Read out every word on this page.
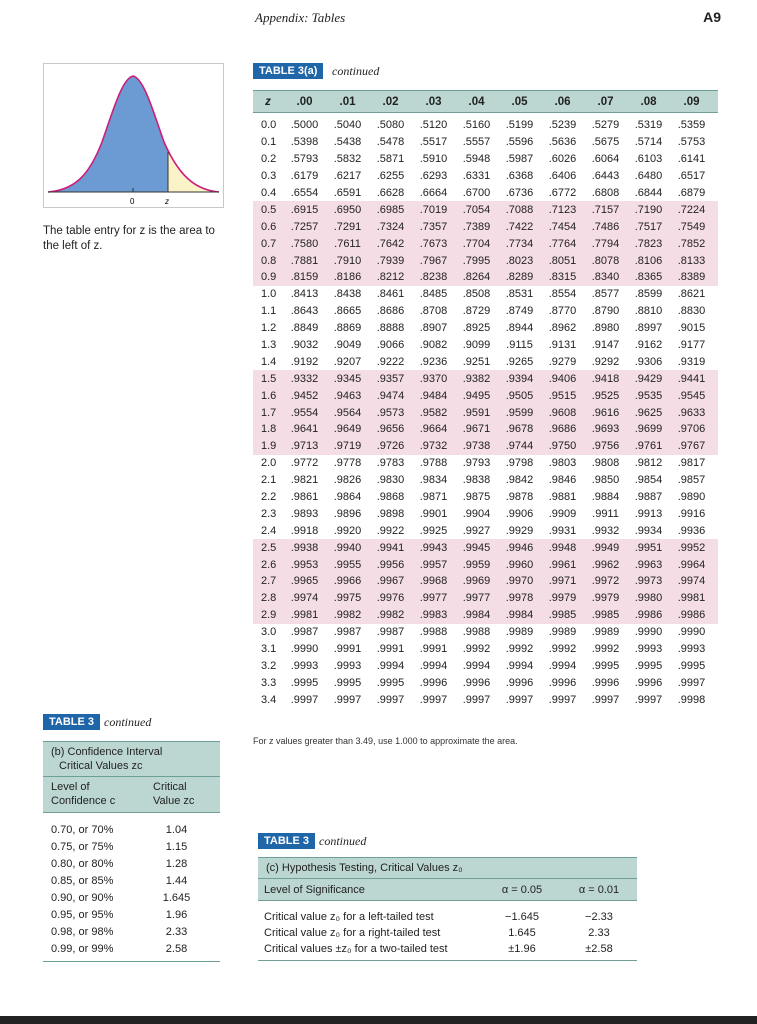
Appendix: Tables	A9
0	z
The table entry for z is the area to the left of z.
TABLE 3(a)	continued
z	.00	.01	.02	.03	.04	.05	.06	.07	.08	.09
0.0	.5000	.5040	.5080	.5120	.5160	.5199	.5239	.5279	.5319	.5359
0.1	.5398	.5438	.5478	.5517	.5557	.5596	.5636	.5675	.5714	.5753
0.2	.5793	.5832	.5871	.5910	.5948	.5987	.6026	.6064	.6103	.6141
0.3	.6179	.6217	.6255	.6293	.6331	.6368	.6406	.6443	.6480	.6517
0.4	.6554	.6591	.6628	.6664	.6700	.6736	.6772	.6808	.6844	.6879
0.5	.6915	.6950	.6985	.7019	.7054	.7088	.7123	.7157	.7190	.7224
0.6	.7257	.7291	.7324	.7357	.7389	.7422	.7454	.7486	.7517	.7549
0.7	.7580	.7611	.7642	.7673	.7704	.7734	.7764	.7794	.7823	.7852
0.8	.7881	.7910	.7939	.7967	.7995	.8023	.8051	.8078	.8106	.8133
0.9	.8159	.8186	.8212	.8238	.8264	.8289	.8315	.8340	.8365	.8389
1.0	.8413	.8438	.8461	.8485	.8508	.8531	.8554	.8577	.8599	.8621
1.1	.8643	.8665	.8686	.8708	.8729	.8749	.8770	.8790	.8810	.8830
1.2	.8849	.8869	.8888	.8907	.8925	.8944	.8962	.8980	.8997	.9015
1.3	.9032	.9049	.9066	.9082	.9099	.9115	.9131	.9147	.9162	.9177
1.4	.9192	.9207	.9222	.9236	.9251	.9265	.9279	.9292	.9306	.9319
1.5	.9332	.9345	.9357	.9370	.9382	.9394	.9406	.9418	.9429	.9441
1.6	.9452	.9463	.9474	.9484	.9495	.9505	.9515	.9525	.9535	.9545
1.7	.9554	.9564	.9573	.9582	.9591	.9599	.9608	.9616	.9625	.9633
1.8	.9641	.9649	.9656	.9664	.9671	.9678	.9686	.9693	.9699	.9706
1.9	.9713	.9719	.9726	.9732	.9738	.9744	.9750	.9756	.9761	.9767
2.0	.9772	.9778	.9783	.9788	.9793	.9798	.9803	.9808	.9812	.9817
2.1	.9821	.9826	.9830	.9834	.9838	.9842	.9846	.9850	.9854	.9857
2.2	.9861	.9864	.9868	.9871	.9875	.9878	.9881	.9884	.9887	.9890
2.3	.9893	.9896	.9898	.9901	.9904	.9906	.9909	.9911	.9913	.9916
2.4	.9918	.9920	.9922	.9925	.9927	.9929	.9931	.9932	.9934	.9936
2.5	.9938	.9940	.9941	.9943	.9945	.9946	.9948	.9949	.9951	.9952
2.6	.9953	.9955	.9956	.9957	.9959	.9960	.9961	.9962	.9963	.9964
2.7	.9965	.9966	.9967	.9968	.9969	.9970	.9971	.9972	.9973	.9974
2.8	.9974	.9975	.9976	.9977	.9977	.9978	.9979	.9979	.9980	.9981
2.9	.9981	.9982	.9982	.9983	.9984	.9984	.9985	.9985	.9986	.9986
3.0	.9987	.9987	.9987	.9988	.9988	.9989	.9989	.9989	.9990	.9990
3.1	.9990	.9991	.9991	.9991	.9992	.9992	.9992	.9992	.9993	.9993
3.2	.9993	.9993	.9994	.9994	.9994	.9994	.9994	.9995	.9995	.9995
3.3	.9995	.9995	.9995	.9996	.9996	.9996	.9996	.9996	.9996	.9997
3.4	.9997	.9997	.9997	.9997	.9997	.9997	.9997	.9997	.9997	.9998
For z values greater than 3.49, use 1.000 to approximate the area.
TABLE 3 continued
(b) Confidence Interval
Critical Values zᴄ
Level of
Confidence c
Critical
Value zᴄ
0.70, or 70%	1.04
0.75, or 75%	1.15
0.80, or 80%	1.28
0.85, or 85%	1.44
0.90, or 90%	1.645
0.95, or 95%	1.96
0.98, or 98%	2.33
0.99, or 99%	2.58
TABLE 3 continued
(c) Hypothesis Testing, Critical Values z₀
Level of Significance	α = 0.05	α = 0.01
Critical value z₀ for a left-tailed test	−1.645	−2.33
Critical value z₀ for a right-tailed test	1.645	2.33
Critical values ±z₀ for a two-tailed test	±1.96	±2.58
